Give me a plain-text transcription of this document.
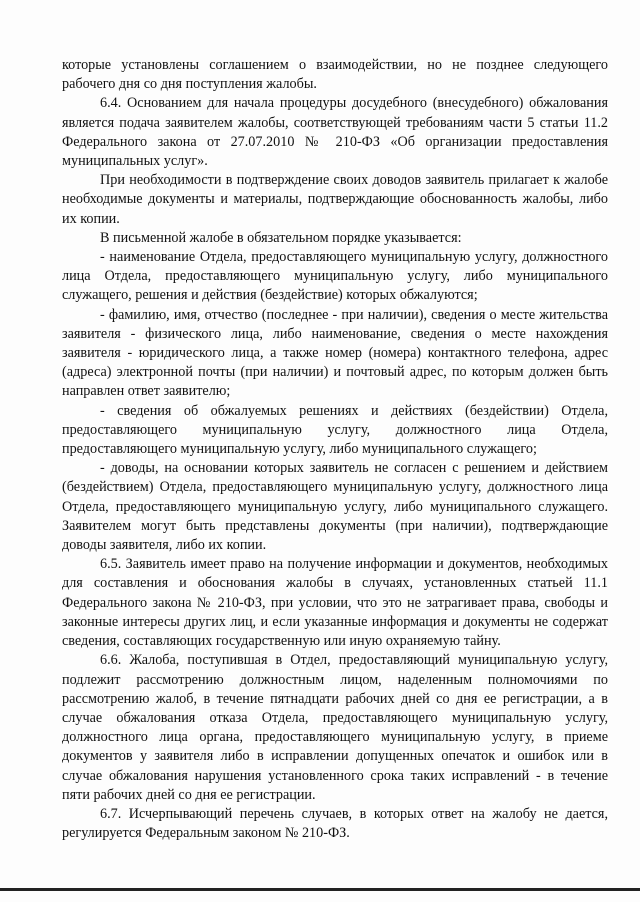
которые установлены соглашением о взаимодействии, но не позднее следующего рабочего дня со дня поступления жалобы.

6.4. Основанием для начала процедуры досудебного (внесудебного) обжалования является подача заявителем жалобы, соответствующей требованиям части 5 статьи 11.2 Федерального закона от 27.07.2010 № 210-ФЗ «Об организации предоставления муниципальных услуг».

При необходимости в подтверждение своих доводов заявитель прилагает к жалобе необходимые документы и материалы, подтверждающие обоснованность жалобы, либо их копии.

В письменной жалобе в обязательном порядке указывается:

- наименование Отдела, предоставляющего муниципальную услугу, должностного лица Отдела, предоставляющего муниципальную услугу, либо муниципального служащего, решения и действия (бездействие) которых обжалуются;

- фамилию, имя, отчество (последнее - при наличии), сведения о месте жительства заявителя - физического лица, либо наименование, сведения о месте нахождения заявителя - юридического лица, а также номер (номера) контактного телефона, адрес (адреса) электронной почты (при наличии) и почтовый адрес, по которым должен быть направлен ответ заявителю;

- сведения об обжалуемых решениях и действиях (бездействии) Отдела, предоставляющего муниципальную услугу, должностного лица Отдела, предоставляющего муниципальную услугу, либо муниципального служащего;

- доводы, на основании которых заявитель не согласен с решением и действием (бездействием) Отдела, предоставляющего муниципальную услугу, должностного лица Отдела, предоставляющего муниципальную услугу, либо муниципального служащего. Заявителем могут быть представлены документы (при наличии), подтверждающие доводы заявителя, либо их копии.

6.5. Заявитель имеет право на получение информации и документов, необходимых для составления и обоснования жалобы в случаях, установленных статьей 11.1 Федерального закона № 210-ФЗ, при условии, что это не затрагивает права, свободы и законные интересы других лиц, и если указанные информация и документы не содержат сведения, составляющих государственную или иную охраняемую тайну.

6.6. Жалоба, поступившая в Отдел, предоставляющий муниципальную услугу, подлежит рассмотрению должностным лицом, наделенным полномочиями по рассмотрению жалоб, в течение пятнадцати рабочих дней со дня ее регистрации, а в случае обжалования отказа Отдела, предоставляющего муниципальную услугу, должностного лица органа, предоставляющего муниципальную услугу, в приеме документов у заявителя либо в исправлении допущенных опечаток и ошибок или в случае обжалования нарушения установленного срока таких исправлений - в течение пяти рабочих дней со дня ее регистрации.

6.7. Исчерпывающий перечень случаев, в которых ответ на жалобу не дается, регулируется Федеральным законом № 210-ФЗ.
